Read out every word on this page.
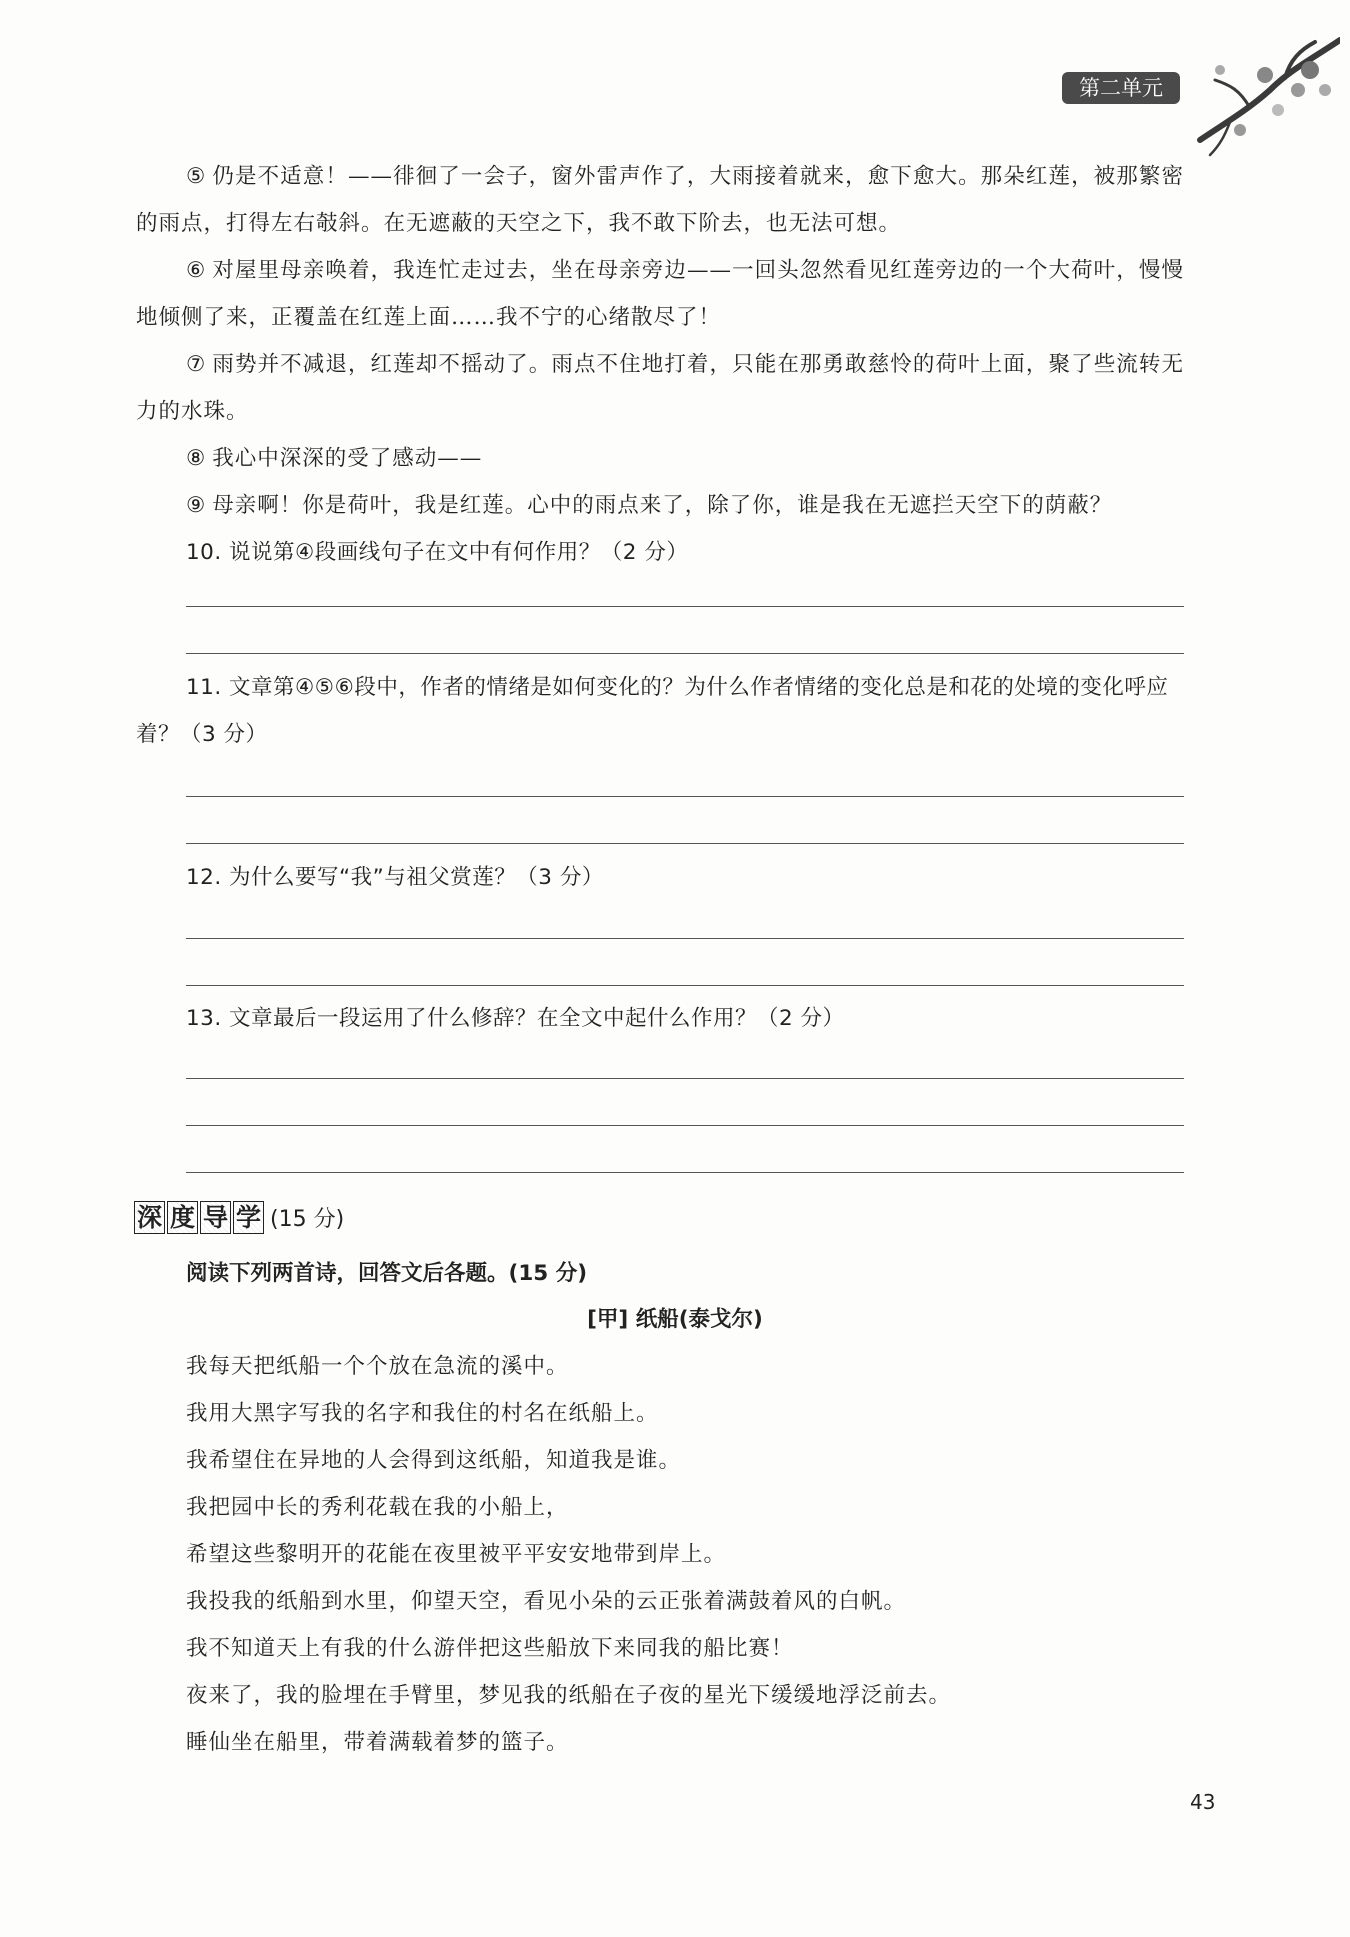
第二单元

⑤ 仍是不适意！——徘徊了一会子，窗外雷声作了，大雨接着就来，愈下愈大。那朵红莲，被那繁密的雨点，打得左右攲斜。在无遮蔽的天空之下，我不敢下阶去，也无法可想。

⑥ 对屋里母亲唤着，我连忙走过去，坐在母亲旁边——一回头忽然看见红莲旁边的一个大荷叶，慢慢地倾侧了来，正覆盖在红莲上面……我不宁的心绪散尽了！

⑦ 雨势并不减退，红莲却不摇动了。雨点不住地打着，只能在那勇敢慈怜的荷叶上面，聚了些流转无力的水珠。

⑧ 我心中深深的受了感动——

⑨ 母亲啊！你是荷叶，我是红莲。心中的雨点来了，除了你，谁是我在无遮拦天空下的荫蔽？

10. 说说第④段画线句子在文中有何作用？（2 分）

11. 文章第④⑤⑥段中，作者的情绪是如何变化的？为什么作者情绪的变化总是和花的处境的变化呼应着？（3 分）

12. 为什么要写“我”与祖父赏莲？（3 分）

13. 文章最后一段运用了什么修辞？在全文中起什么作用？（2 分）

深 度 导 学 (15 分)
阅读下列两首诗，回答文后各题。(15 分)
[甲] 纸船(泰戈尔)
我每天把纸船一个个放在急流的溪中。
我用大黑字写我的名字和我住的村名在纸船上。
我希望住在异地的人会得到这纸船，知道我是谁。
我把园中长的秀利花载在我的小船上，
希望这些黎明开的花能在夜里被平平安安地带到岸上。
我投我的纸船到水里，仰望天空，看见小朵的云正张着满鼓着风的白帆。
我不知道天上有我的什么游伴把这些船放下来同我的船比赛！
夜来了，我的脸埋在手臂里，梦见我的纸船在子夜的星光下缓缓地浮泛前去。
睡仙坐在船里，带着满载着梦的篮子。
43
